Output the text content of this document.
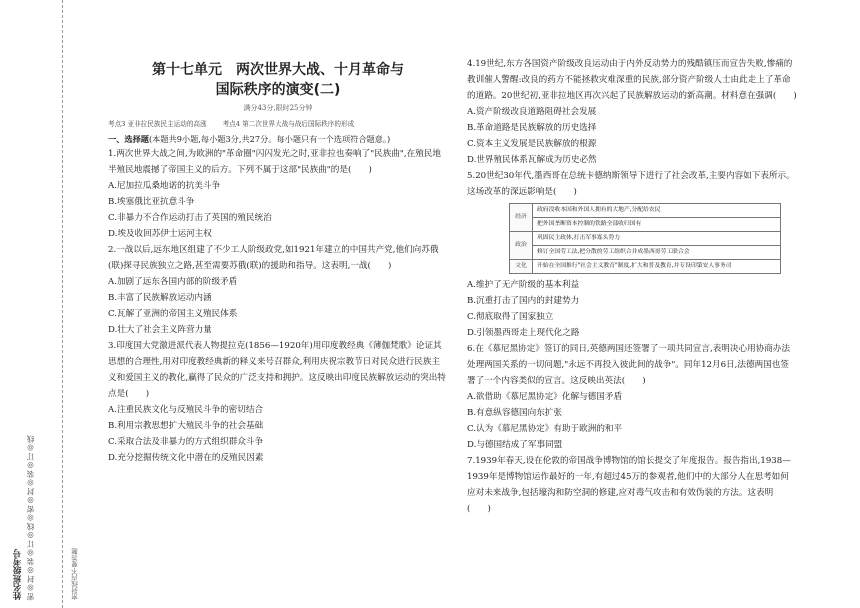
姓名班级考号 密◎封◎装◎订◎线◎密◎封◎装◎订◎线	密封线内不要答题
第十七单元　两次世界大战、十月革命与
国际秩序的演变(二)
满分43分,限时25分钟
考点3 亚非拉民族民主运动的高涨 考点4 第二次世界大战与战后国际秩序的形成
一、选择题(本题共9小题,每小题3分,共27分。每小题只有一个选项符合题意。)
1.两次世界大战之间,为欧洲的"革命圈"闪闪发光之时,亚非拉也奏响了"民族曲",在殖民地半殖民地震撼了帝国主义的后方。下列不属于这部"民族曲"的是(　　)
A.尼加拉瓜桑地诺的抗美斗争
B.埃塞俄比亚抗意斗争
C.非暴力不合作运动打击了英国的殖民统治
D.埃及收回苏伊士运河主权
2.一战以后,远东地区组建了不少工人阶级政党,如1921年建立的中国共产党,他们向苏俄(联)探寻民族独立之路,甚至需要苏俄(联)的援助和指导。这表明,一战(　　)
A.加剧了远东各国内部的阶级矛盾
B.丰富了民族解放运动内涵
C.瓦解了亚洲的帝国主义殖民体系
D.壮大了社会主义阵营力量
3.印度国大党激进派代表人物提拉克(1856—1920年)用印度教经典《薄伽梵歌》论证其思想的合理性,用对印度教经典新的释义来号召群众,利用庆祝宗教节日对民众进行民族主义和爱国主义的教化,赢得了民众的广泛支持和拥护。这反映出印度民族解放运动的突出特点是(　　)
A.注重民族文化与反殖民斗争的密切结合
B.利用宗教思想扩大殖民斗争的社会基础
C.采取合法及非暴力的方式组织群众斗争
D.充分挖掘传统文化中潜在的反殖民因素
4.19世纪,东方各国资产阶级改良运动由于内外反动势力的残酷镇压而宣告失败,惨痛的教训催人警醒:改良的药方不能拯救灾难深重的民族,部分资产阶级人士由此走上了革命的道路。20世纪初,亚非拉地区再次兴起了民族解放运动的新高潮。材料意在强调(　　)
A.资产阶级改良道路阻碍社会发展
B.革命道路是民族解放的历史选择
C.资本主义发展是民族解放的根源
D.世界殖民体系瓦解成为历史必然
5.20世纪30年代,墨西哥在总统卡德纳斯领导下进行了社会改革,主要内容如下表所示。这场改革的深远影响是(　　)
经济	政府没收本国和外国人拥有的大地产,分配给农民
	把外国垄断资本控制的铁路全部收归国有
政治	巩固民主政体,打击军事寡头势力
	修订全国劳工法,把分散的劳工组织合并成墨西哥劳工联合会
文化	开始在全国推行"社会主义教育"制度,扩大和普及教育,并专设印第安人事务司
A.维护了无产阶级的基本利益
B.沉重打击了国内的封建势力
C.彻底取得了国家独立
D.引领墨西哥走上现代化之路
6.在《慕尼黑协定》签订的同日,英德两国还签署了一项共同宣言,表明决心用协商办法处理两国关系的一切问题,"永远不再投入彼此间的战争"。同年12月6日,法德两国也签署了一个内容类似的宣言。这反映出英法(　　)
A.欲借助《慕尼黑协定》化解与德国矛盾
B.有意纵容德国向东扩张
C.认为《慕尼黑协定》有助于欧洲的和平
D.与德国结成了军事同盟
7.1939年春天,设在伦敦的帝国战争博物馆的馆长提交了年度报告。报告指出,1938—1939年是博物馆运作最好的一年,有超过45万的参观者,他们中的大部分人在思考如何应对未来战争,包括壕沟和防空洞的修建,应对毒气攻击和有效伪装的方法。这表明(　　)
